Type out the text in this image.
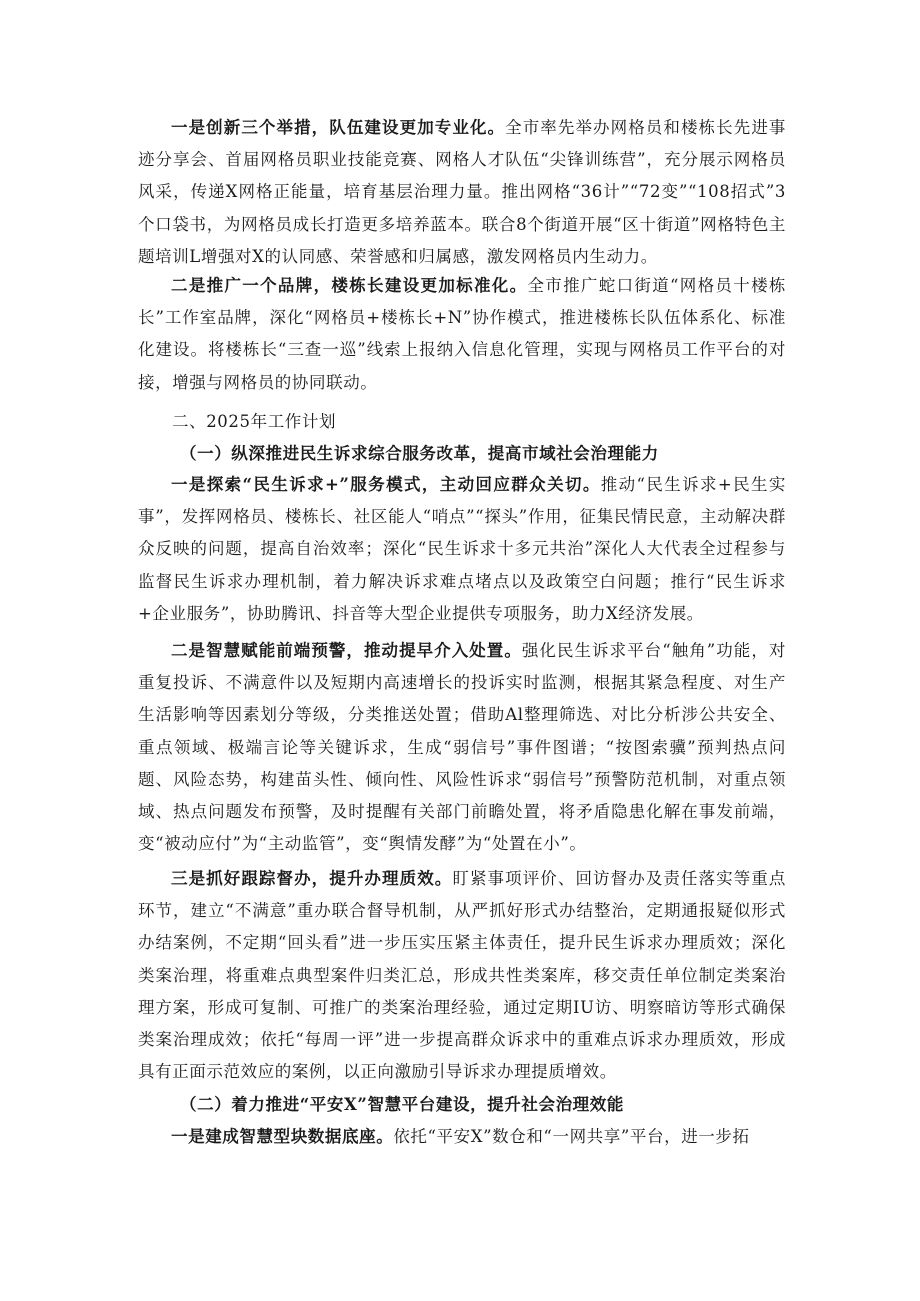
一是创新三个举措，队伍建设更加专业化。全市率先举办网格员和楼栋长先进事迹分享会、首届网格员职业技能竞赛、网格人才队伍“尖锋训练营”，充分展示网格员风采，传递X网格正能量，培育基层治理力量。推出网格“36计”“72变”“108招式”3个口袋书，为网格员成长打造更多培养蓝本。联合8个街道开展“区十街道”网格特色主题培训L增强对X的认同感、荣誉感和归属感，激发网格员内生动力。

二是推广一个品牌，楼栋长建设更加标准化。全市推广蛇口街道“网格员十楼栋长”工作室品牌，深化“网格员+楼栋长+N”协作模式，推进楼栋长队伍体系化、标准化建设。将楼栋长“三查一巡”线索上报纳入信息化管理，实现与网格员工作平台的对接，增强与网格员的协同联动。

二、2025年工作计划

（一）纵深推进民生诉求综合服务改革，提高市域社会治理能力

一是探索“民生诉求+”服务模式，主动回应群众关切。推动“民生诉求+民生实事”，发挥网格员、楼栋长、社区能人“哨点”“探头”作用，征集民情民意，主动解决群众反映的问题，提高自治效率；深化“民生诉求十多元共治”深化人大代表全过程参与监督民生诉求办理机制，着力解决诉求难点堵点以及政策空白问题；推行“民生诉求+企业服务”，协助腾讯、抖音等大型企业提供专项服务，助力X经济发展。

二是智慧赋能前端预警，推动提早介入处置。强化民生诉求平台“触角”功能，对重复投诉、不满意件以及短期内高速增长的投诉实时监测，根据其紧急程度、对生产生活影响等因素划分等级，分类推送处置；借助Al整理筛选、对比分析涉公共安全、重点领域、极端言论等关键诉求，生成“弱信号”事件图谱；“按图索骥”预判热点问题、风险态势，构建苗头性、倾向性、风险性诉求“弱信号”预警防范机制，对重点领域、热点问题发布预警，及时提醒有关部门前瞻处置，将矛盾隐患化解在事发前端，变“被动应付”为“主动监管”，变“舆情发酵”为“处置在小”。

三是抓好跟踪督办，提升办理质效。盯紧事项评价、回访督办及责任落实等重点环节，建立“不满意”重办联合督导机制，从严抓好形式办结整治，定期通报疑似形式办结案例，不定期“回头看”进一步压实压紧主体责任，提升民生诉求办理质效；深化类案治理，将重难点典型案件归类汇总，形成共性类案库，移交责任单位制定类案治理方案，形成可复制、可推广的类案治理经验，通过定期IU访、明察暗访等形式确保类案治理成效；依托“每周一评”进一步提高群众诉求中的重难点诉求办理质效，形成具有正面示范效应的案例，以正向激励引导诉求办理提质增效。

（二）着力推进“平安X”智慧平台建设，提升社会治理效能

一是建成智慧型块数据底座。依托“平安X”数仓和“一网共享”平台，进一步拓
